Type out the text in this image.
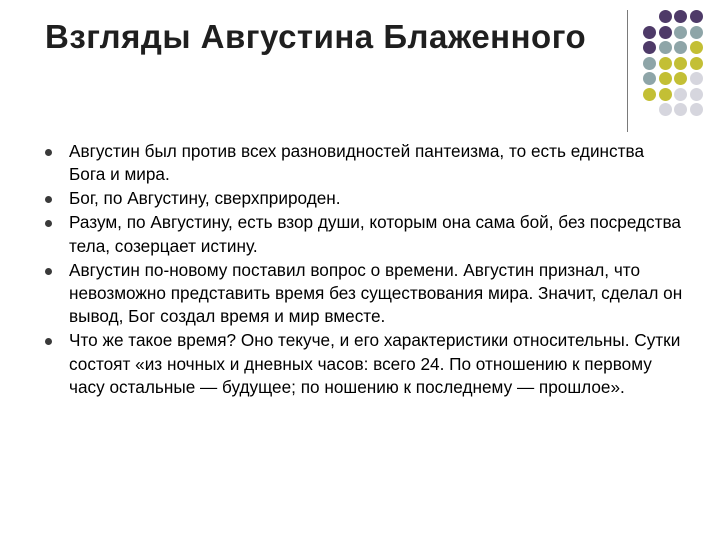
Взгляды Августина Блаженного
Августин был против всех разновидностей пантеизма, то есть единства Бога и мира.
Бог, по Августину, сверхприроден.
Разум, по Августину, есть взор души, которым она сама бой, без посредства тела, созерцает истину.
Августин по-новому поставил вопрос о времени. Августин признал, что невозможно представить время без существования мира. Значит, сделал он вывод, Бог создал время и мир вместе.
Что же такое время? Оно текуче, и его характеристики относительны. Сутки состоят «из ночных и дневных часов: всего 24. По отношению к первому часу остальные — будущее; по ношению к последнему — прошлое».
